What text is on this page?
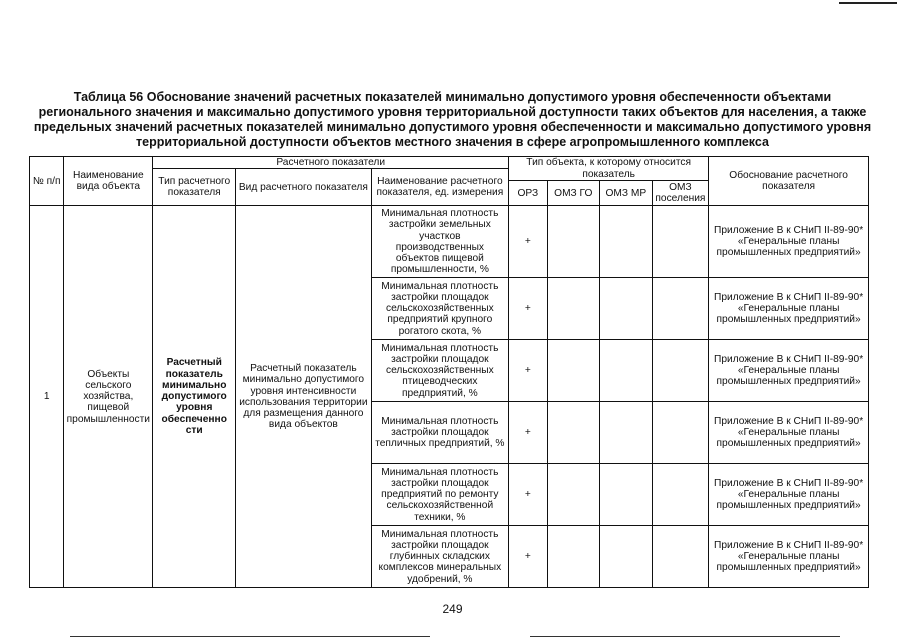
Таблица 56 Обоснование значений расчетных показателей минимально допустимого уровня обеспеченности объектами регионального значения и максимально допустимого уровня территориальной доступности таких объектов для населения, а также предельных значений расчетных показателей минимально допустимого уровня обеспеченности и максимально допустимого уровня территориальной доступности объектов местного значения в сфере агропромышленного комплекса
№ п/п	Наименование вида объекта	Расчетного показатели			Тип объекта, к которому относится показатель				Обоснование расчетного показателя
		Тип расчетного показателя	Вид расчетного показателя	Наименование расчетного показателя, ед. измерения					
					ОРЗ	ОМЗ ГО	ОМЗ МР	ОМЗ поселения	
1	Объекты сельского хозяйства, пищевой промышленности	Расчетный показатель минимально допустимого уровня обеспеченно сти	Расчетный показатель минимально допустимого уровня интенсивности использования территории для размещения данного вида объектов	Минимальная плотность застройки земельных участков производственных объектов пищевой промышленности, %	+				Приложение В к СНиП II-89-90* «Генеральные планы промышленных предприятий»
				Минимальная плотность застройки площадок сельскохозяйственных предприятий крупного рогатого скота, %	+				Приложение В к СНиП II-89-90* «Генеральные планы промышленных предприятий»
				Минимальная плотность застройки площадок сельскохозяйственных птицеводческих предприятий, %	+				Приложение В к СНиП II-89-90* «Генеральные планы промышленных предприятий»
				Минимальная плотность застройки площадок тепличных предприятий, %	+				Приложение В к СНиП II-89-90* «Генеральные планы промышленных предприятий»
				Минимальная плотность застройки площадок предприятий по ремонту сельскохозяйственной техники, %	+				Приложение В к СНиП II-89-90* «Генеральные планы промышленных предприятий»
				Минимальная плотность застройки площадок глубинных складских комплексов минеральных удобрений, %	+				Приложение В к СНиП II-89-90* «Генеральные планы промышленных предприятий»
249
